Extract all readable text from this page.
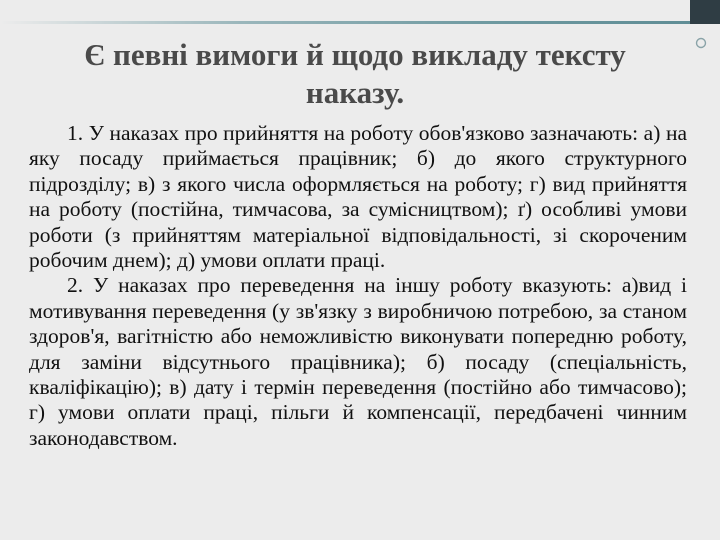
Є певні вимоги й щодо викладу тексту наказу.

1. У наказах про прийняття на роботу обов'язково зазначають: а) на яку посаду приймається працівник; б) до якого структурного підрозділу; в) з якого числа оформляється на роботу; г) вид прийняття на роботу (постійна, тимчасова, за сумісництвом); ґ) особливі умови роботи (з прийняттям матеріальної відповідальності, зі скороченим робочим днем); д) умови оплати праці.

2. У наказах про переведення на іншу роботу вказують: а)вид і мотивування переведення (у зв'язку з виробничою потребою, за станом здоров'я, вагітністю або неможливістю виконувати попередню роботу, для заміни відсутнього працівника); б) посаду (спеціальність, кваліфікацію); в) дату і термін переведення (постійно або тимчасово); г) умови оплати праці, пільги й компенсації, передбачені чинним законодавством.
